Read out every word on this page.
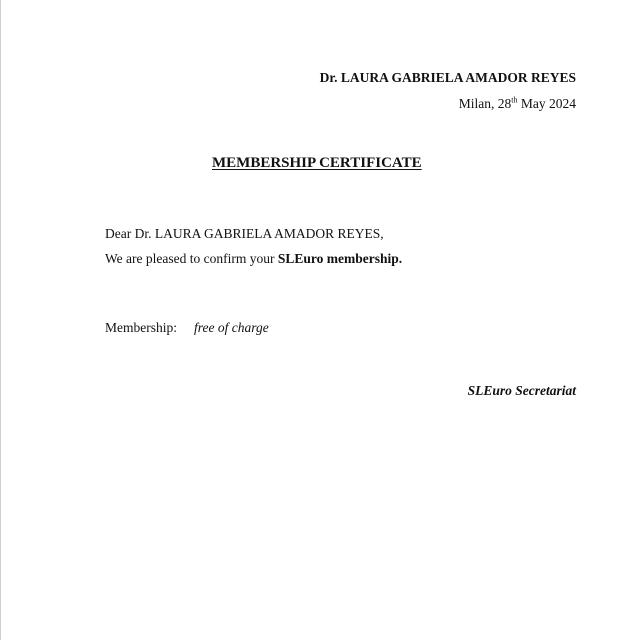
Dr. LAURA GABRIELA AMADOR REYES
Milan, 28th May 2024
MEMBERSHIP CERTIFICATE
Dear Dr. LAURA GABRIELA AMADOR REYES,
We are pleased to confirm your SLEuro membership.
Membership: free of charge
SLEuro Secretariat
